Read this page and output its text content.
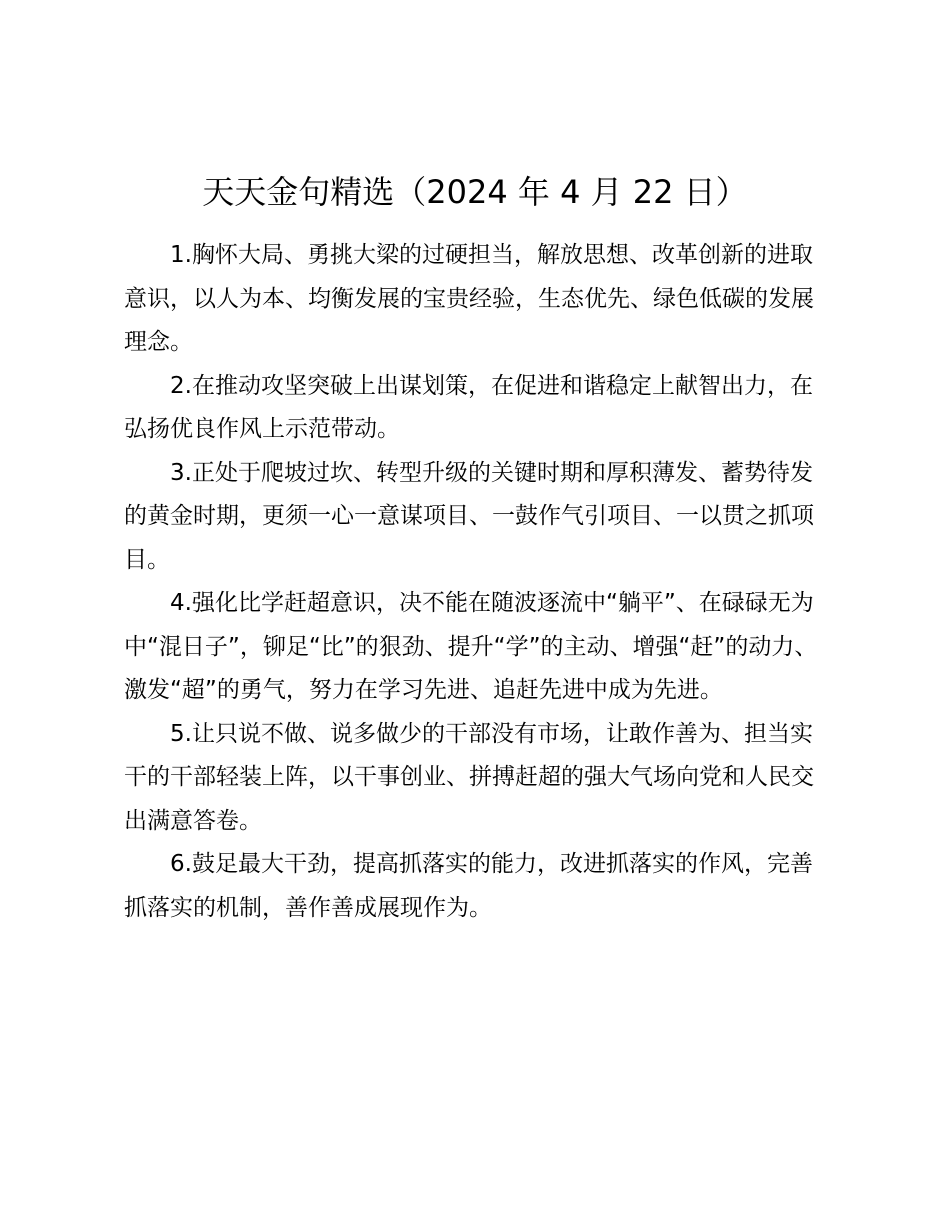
天天金句精选（2024 年 4 月 22 日）

1.胸怀大局、勇挑大梁的过硬担当，解放思想、改革创新的进取意识，以人为本、均衡发展的宝贵经验，生态优先、绿色低碳的发展理念。

2.在推动攻坚突破上出谋划策，在促进和谐稳定上献智出力，在弘扬优良作风上示范带动。

3.正处于爬坡过坎、转型升级的关键时期和厚积薄发、蓄势待发的黄金时期，更须一心一意谋项目、一鼓作气引项目、一以贯之抓项目。

4.强化比学赶超意识，决不能在随波逐流中“躺平”、在碌碌无为中“混日子”，铆足“比”的狠劲、提升“学”的主动、增强“赶”的动力、激发“超”的勇气，努力在学习先进、追赶先进中成为先进。

5.让只说不做、说多做少的干部没有市场，让敢作善为、担当实干的干部轻装上阵，以干事创业、拼搏赶超的强大气场向党和人民交出满意答卷。

6.鼓足最大干劲，提高抓落实的能力，改进抓落实的作风，完善抓落实的机制，善作善成展现作为。
